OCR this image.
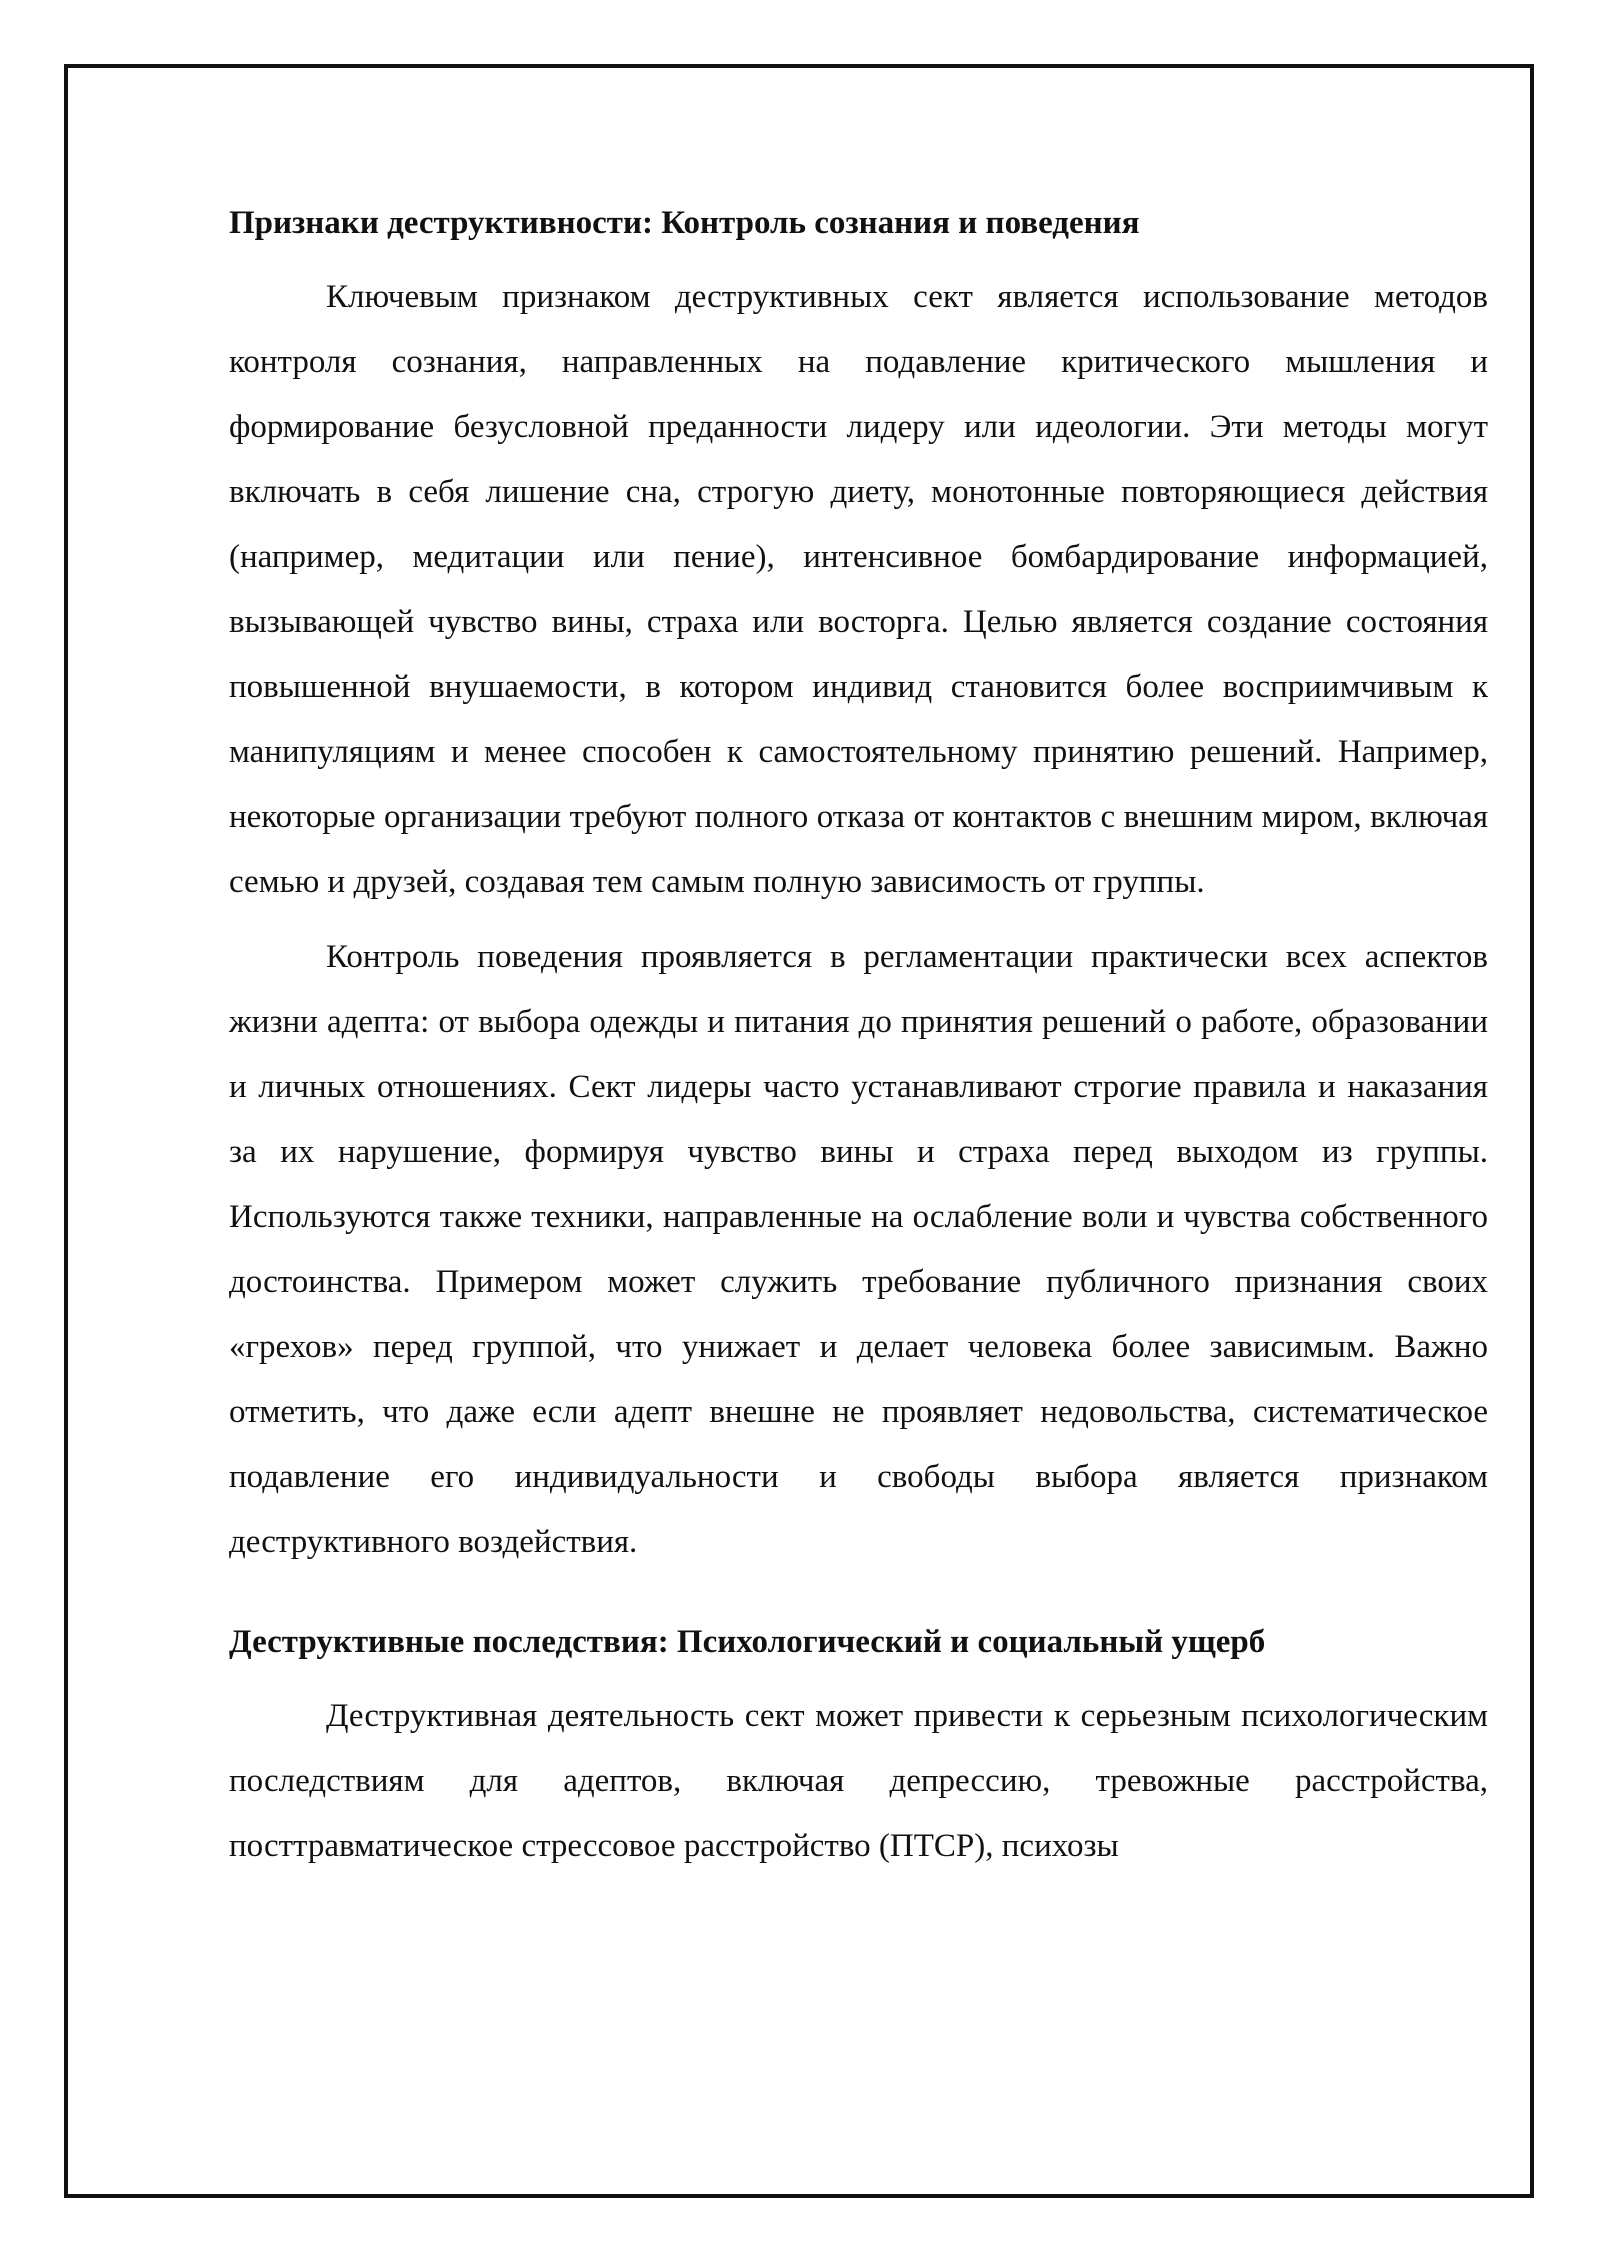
Признаки деструктивности: Контроль сознания и поведения

Ключевым признаком деструктивных сект является использование методов контроля сознания, направленных на подавление критического мышления и формирование безусловной преданности лидеру или идеологии. Эти методы могут включать в себя лишение сна, строгую диету, монотонные повторяющиеся действия (например, медитации или пение), интенсивное бомбардирование информацией, вызывающей чувство вины, страха или восторга. Целью является создание состояния повышенной внушаемости, в котором индивид становится более восприимчивым к манипуляциям и менее способен к самостоятельному принятию решений. Например, некоторые организации требуют полного отказа от контактов с внешним миром, включая семью и друзей, создавая тем самым полную зависимость от группы.

Контроль поведения проявляется в регламентации практически всех аспектов жизни адепта: от выбора одежды и питания до принятия решений о работе, образовании и личных отношениях. Сект лидеры часто устанавливают строгие правила и наказания за их нарушение, формируя чувство вины и страха перед выходом из группы. Используются также техники, направленные на ослабление воли и чувства собственного достоинства. Примером может служить требование публичного признания своих «грехов» перед группой, что унижает и делает человека более зависимым. Важно отметить, что даже если адепт внешне не проявляет недовольства, систематическое подавление его индивидуальности и свободы выбора является признаком деструктивного воздействия.

Деструктивные последствия: Психологический и социальный ущерб

Деструктивная деятельность сект может привести к серьезным психологическим последствиям для адептов, включая депрессию, тревожные расстройства, посттравматическое стрессовое расстройство (ПТСР), психозы
